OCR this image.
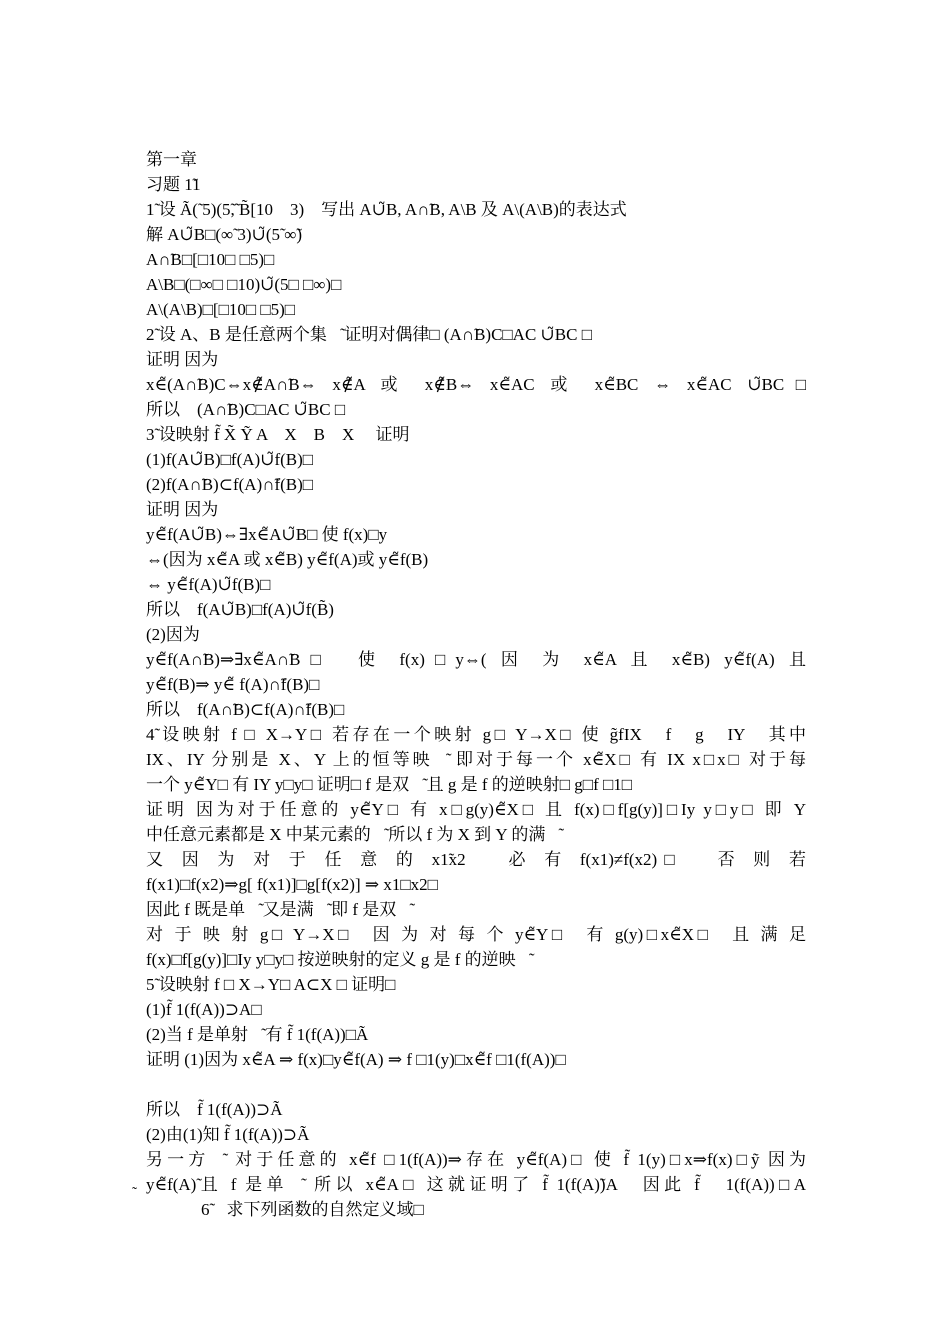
第一章
习题 1̃1
1̃ 设 Ã(̃ 5)(5̃,̃ B̃[10　3)　写出 A∪̃B, A∩̃B, A\B 及 A\(A\B)的表达式
解 A∪̃B□(∞̃ 3)∪̃(5̃ ∞̃)
A∩̃B□[□10□ □5)□
A\B□(□∞□ □10)∪̃(5□ □∞)□
A\(A\B)□[□10□ □5)□
2̃ 设 A、B 是任意两个集合̃ 证明对偶律□ (A∩̃B)C□AC ∪̃BC □
证明 因为
x∈̃(A∩̃B)C⇔x∉̃A∩̃B⇔ x∉̃A 或 x∉̃B⇔ x∈̃AC 或 x∈̃BC ⇔ x∈̃AC ∪̃BC□
所以　(A∩̃B)C□AC ∪̃BC □
3̃ 设映射 f̃ X̃ Ỹ A　X　B　X　 证明
(1)f(A∪̃B)□f(A)∪̃f(B)□
(2)f(A∩̃B)⊂f(A)∩̃f(B)□
证明 因为
y∈̃f(A∪̃B)⇔∃x∈̃A∪̃B□ 使 f(x)□y
⇔(因为 x∈̃A 或 x∈̃B) y∈̃f(A)或 y∈̃f(B)
⇔ y∈̃f(A)∪̃f(B)□
所以　f(A∪̃B)□f(A)∪̃f(B̃)
(2)因为
y∈̃f(A∩̃B)⇒∃x∈̃A∩̃B□　使 f(x)□y⇔( 因 为 x∈̃A 且 x∈̃B) y∈̃f(A) 且
y∈̃f(B)⇒ y∈̃ f(A)∩̃f(B)□
所以　f(A∩̃B)⊂f(A)∩̃f(B)□
4̃ 设映射 f □ X→Y□ 若存在一个映射 g□ Y→X□ 使 g̃fIX　f　g　IY　其中
IX、IY 分别是 X、Y 上的恒等映射̃ 即对于每一个 x∈̃X□ 有 IX x□x□ 对于每
一个 y∈̃Y□ 有 IY y□y□ 证明□ f 是双射̃ 且 g 是 f 的逆映射□ g□f □1□
证明 因为对于任意的 y∈̃Y□ 有 x□g(y)∈̃X□ 且 f(x)□f[g(y)]□Iy y□y□ 即 Y
中任意元素都是 X 中某元素的像̃ 所以 f 为 X 到 Y 的满射̃
又 因 为 对 于 任 意 的 x1̃x2　 必 有 f(x1)≠f(x2)□　 否 则 若
f(x1)□f(x2)⇒g[ f(x1)]□g[f(x2)] ⇒ x1□x2□
因此 f 既是单射̃ 又是满射̃ 即 f 是双射̃
对 于 映 射 g□ Y→X□　因 为 对 每 个 y∈̃Y□　有 g(y)□x∈̃X□　且 满 足
f(x)□f[g(y)]□Iy y□y□ 按逆映射的定义 g 是 f 的逆映射̃
5̃ 设映射 f □ X→Y□ A⊂X □ 证明□
(1)f̃ 1(f(A))⊃A□
(2)当 f 是单射时̃ 有 f̃ 1(f(A))□Ã
证明 (1)因为 x∈̃A ⇒ f(x)□y∈̃f(A) ⇒ f □1(y)□x∈̃f □1(f(A))□
所以　f̃ 1(f(A))⊃Ã
(2)由(1)知 f̃ 1(f(A))⊃Ã
另一方面̃ 对于任意的 x∈̃f □1(f(A))⇒存在 y∈̃f(A)□ 使 f̃ 1(y)□x⇒f(x)□ỹ 因为
y∈̃f(A)̃且 f 是单射̃ 所以 x∈̃A□ 这就证明了 f̃ 1(f(A)̃)A　因此 f̃　1(f(A))□A
6̃　求下列函数的自然定义域□
